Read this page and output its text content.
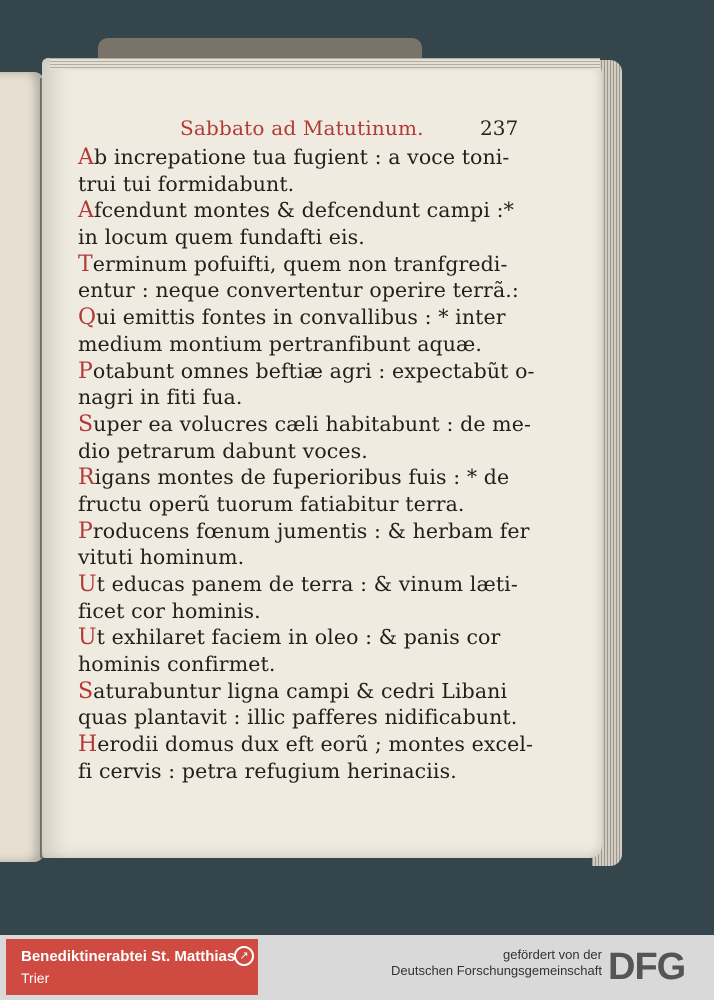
Sabbato ad Matutinum.	237
Ab increpatione tua fugient : a voce toni-
trui tui formidabunt.
Afcendunt montes & defcendunt campi :*
in locum quem fundafti eis.
Terminum pofuifti, quem non tranfgredi-
entur : neque convertentur operire terrã.:
Qui emittis fontes in convallibus : * inter
medium montium pertranfibunt aquæ.
Potabunt omnes beftiæ agri : expectabũt o-
nagri in fiti fua.
Super ea volucres cæli habitabunt : de me-
dio petrarum dabunt voces.
Rigans montes de fuperioribus fuis : * de
fructu operũ tuorum fatiabitur terra.
Producens fœnum jumentis : & herbam fer
vituti hominum.
Ut educas panem de terra : & vinum læti-
ficet cor hominis.
Ut exhilaret faciem in oleo : & panis cor
hominis confirmet.
Saturabuntur ligna campi & cedri Libani
quas plantavit : illic pafferes nidificabunt.
Herodii domus dux eft eorũ ; montes excel-
fi cervis : petra refugium herinaciis.
Benediktinerabtei St. Matthias
Trier
↗	gefördert von der
Deutschen Forschungsgemeinschaft DFG
